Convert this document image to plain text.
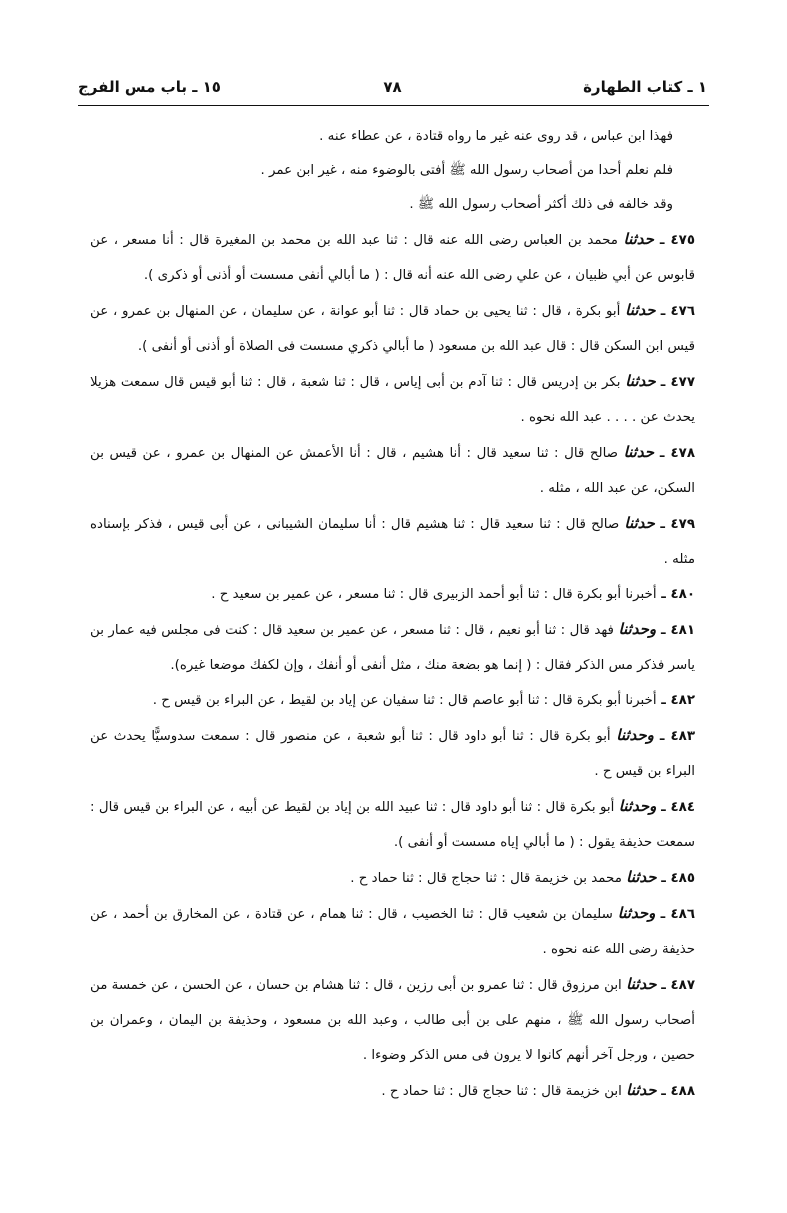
١ ـ كتاب الطهارة
٧٨
١٥ ـ باب مس الفرج
فهذا ابن عباس ، قد روى عنه غير ما رواه قتادة ، عن عطاء عنه .
فلم نعلم أحدا من أصحاب رسول الله ﷺ أفتى بالوضوء منه ، غير ابن عمر .
وقد خالفه فى ذلك أكثر أصحاب رسول الله ﷺ .

٤٧٥ ـ حدثنا محمد بن العباس رضى الله عنه قال : ثنا عبد الله بن محمد بن المغيرة قال : أنا مسعر ، عن قابوس عن أبي ظبيان ، عن علي رضى الله عنه أنه قال : ( ما أبالي أنفى مسست أو أذنى أو ذكرى ).

٤٧٦ ـ حدثنا أبو بكرة ، قال : ثنا يحيى بن حماد قال : ثنا أبو عوانة ، عن سليمان ، عن المنهال بن عمرو ، عن قيس ابن السكن قال : قال عبد الله بن مسعود ( ما أبالي ذكري مسست فى الصلاة أو أذنى أو أنفى ).

٤٧٧ ـ حدثنا بكر بن إدريس قال : ثنا آدم بن أبى إياس ، قال : ثنا شعبة ، قال : ثنا أبو قيس قال سمعت هزيلا يحدث عن . . . . عبد الله نحوه .

٤٧٨ ـ حدثنا صالح قال : ثنا سعيد قال : أنا هشيم ، قال : أنا الأعمش عن المنهال بن عمرو ، عن قيس بن السكن، عن عبد الله ، مثله .

٤٧٩ ـ حدثنا صالح قال : ثنا سعيد قال : ثنا هشيم قال : أنا سليمان الشيبانى ، عن أبى قيس ، فذكر بإسناده مثله .

٤٨٠ ـ أخبرنا أبو بكرة قال : ثنا أبو أحمد الزبيرى قال : ثنا مسعر ، عن عمير بن سعيد ح .

٤٨١ ـ وحدثنا فهد قال : ثنا أبو نعيم ، قال : ثنا مسعر ، عن عمير بن سعيد قال : كنت فى مجلس فيه عمار بن ياسر فذكر مس الذكر فقال : ( إنما هو بضعة منك ، مثل أنفى أو أنفك ، وإن لكفك موضعا غيره).

٤٨٢ ـ أخبرنا أبو بكرة قال : ثنا أبو عاصم قال : ثنا سفيان عن إياد بن لقيط ، عن البراء بن قيس ح .

٤٨٣ ـ وحدثنا أبو بكرة قال : ثنا أبو داود قال : ثنا أبو شعبة ، عن منصور قال : سمعت سدوسيًّا يحدث عن البراء بن قيس ح .

٤٨٤ ـ وحدثنا أبو بكرة قال : ثنا أبو داود قال : ثنا عبيد الله بن إياد بن لقيط عن أبيه ، عن البراء بن قيس قال : سمعت حذيفة يقول : ( ما أبالي إياه مسست أو أنفى ).

٤٨٥ ـ حدثنا محمد بن خزيمة قال : ثنا حجاج قال : ثنا حماد ح .

٤٨٦ ـ وحدثنا سليمان بن شعيب قال : ثنا الخصيب ، قال : ثنا همام ، عن قتادة ، عن المخارق بن أحمد ، عن حذيفة رضى الله عنه نحوه .

٤٨٧ ـ حدثنا ابن مرزوق قال : ثنا عمرو بن أبى رزين ، قال : ثنا هشام بن حسان ، عن الحسن ، عن خمسة من أصحاب رسول الله ﷺ ، منهم على بن أبى طالب ، وعبد الله بن مسعود ، وحذيفة بن اليمان ، وعمران بن حصين ، ورجل آخر أنهم كانوا لا يرون فى مس الذكر وضوءا .

٤٨٨ ـ حدثنا ابن خزيمة قال : ثنا حجاج قال : ثنا حماد ح .
